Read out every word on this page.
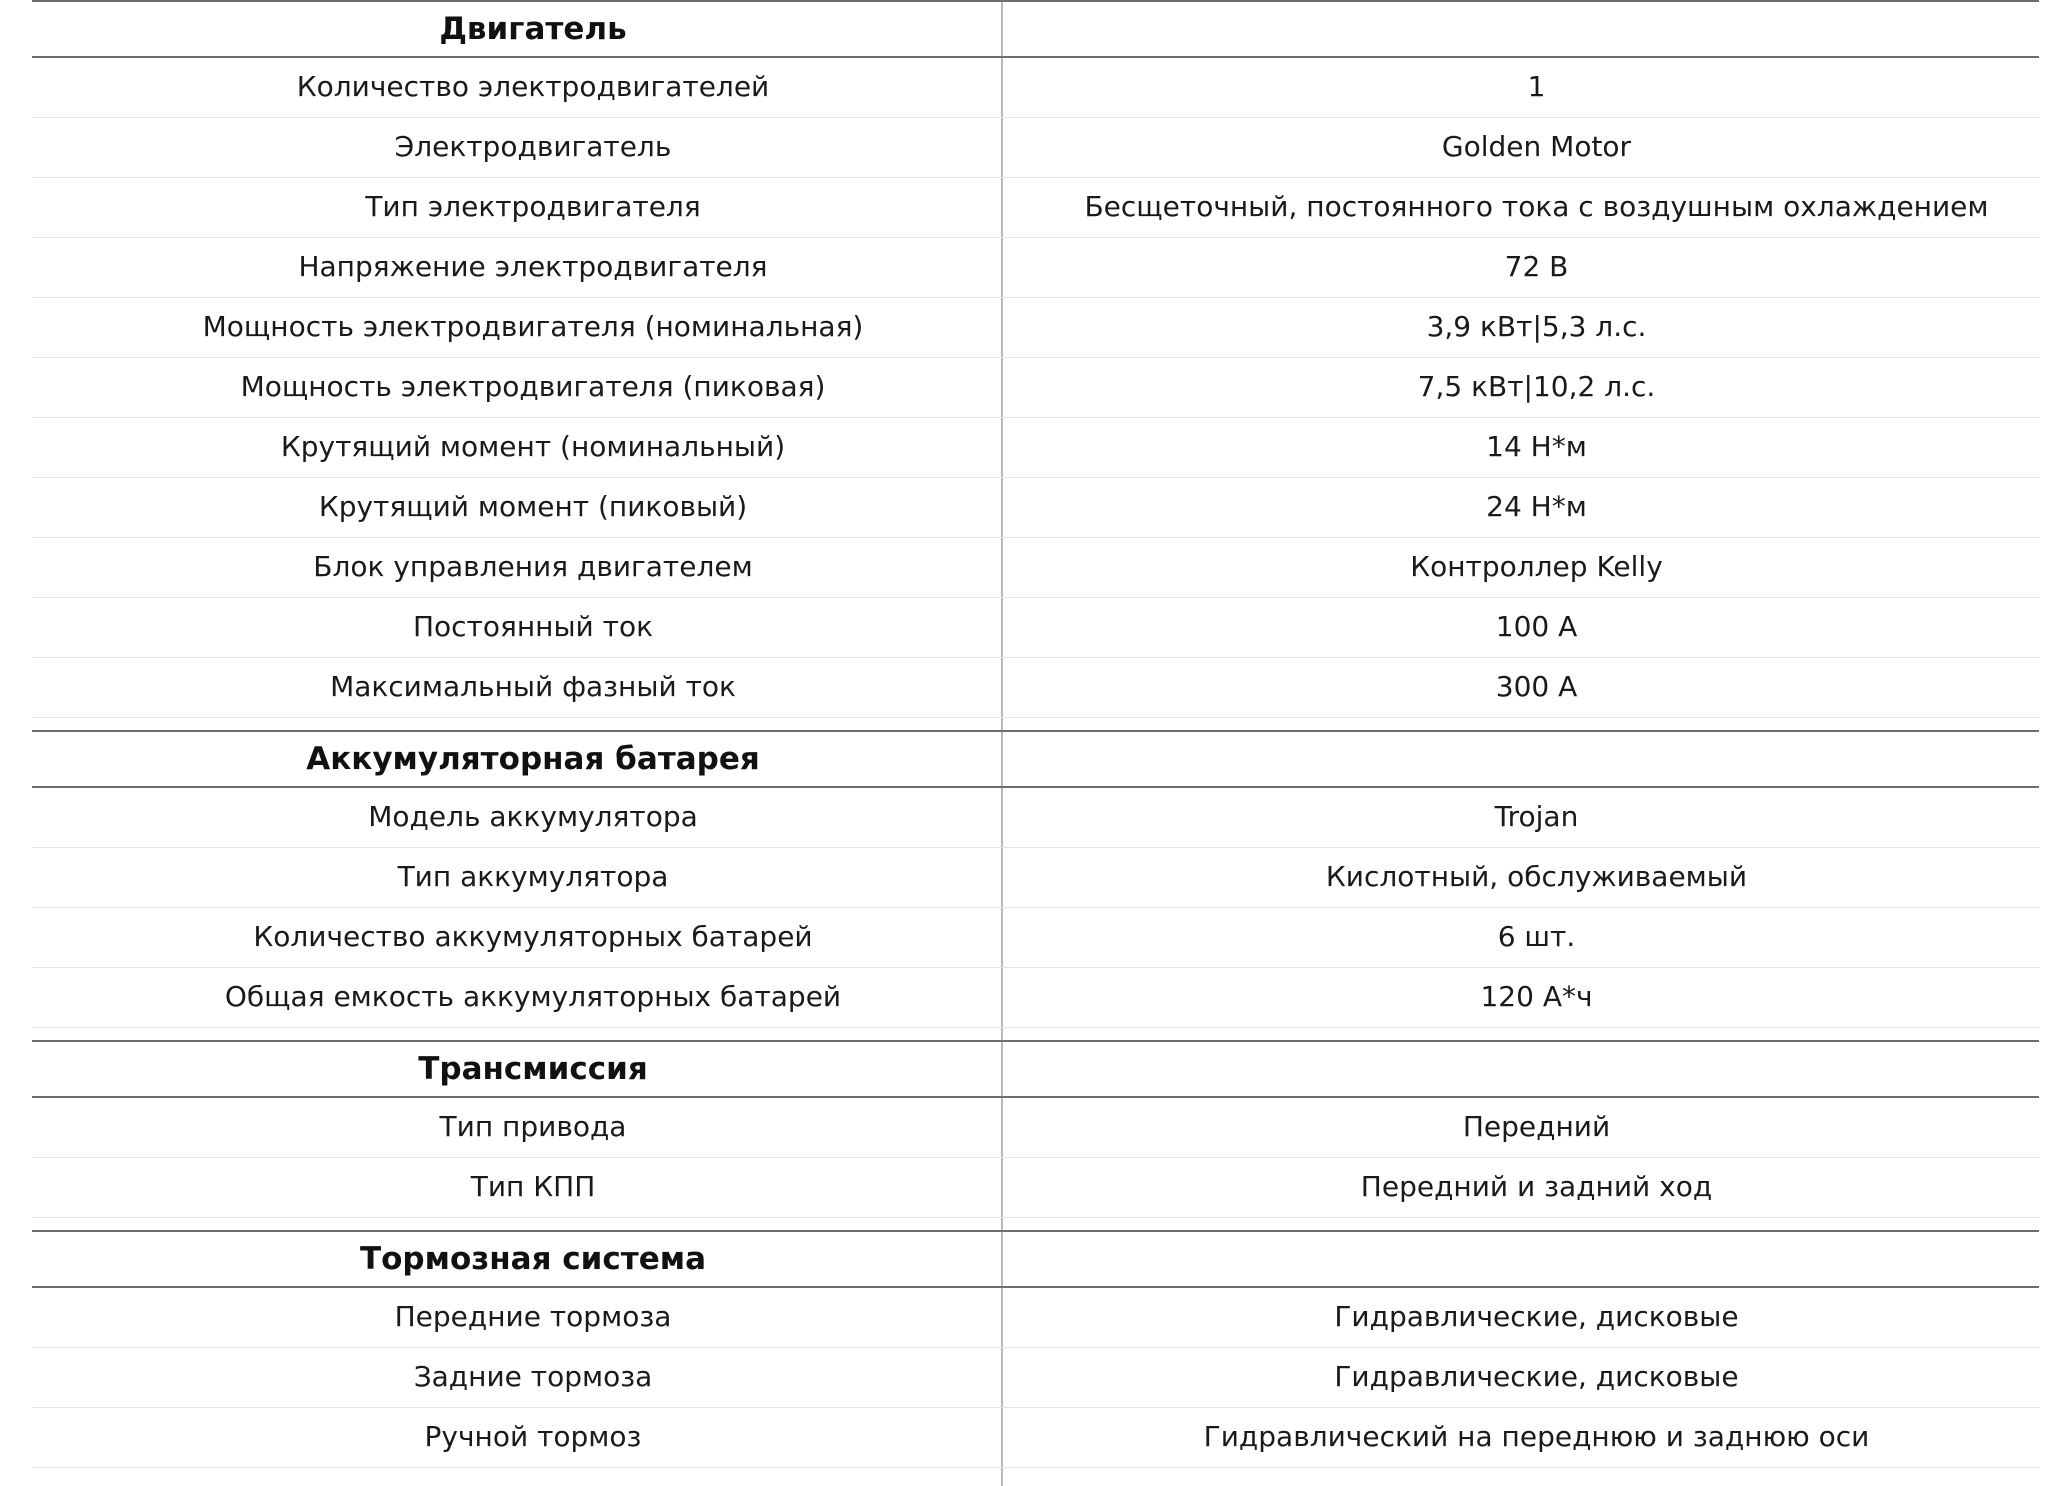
Двигатель
Количество электродвигателей	1
Электродвигатель	Golden Motor
Тип электродвигателя	Бесщеточный, постоянного тока с воздушным охлаждением
Напряжение электродвигателя	72 В
Мощность электродвигателя (номинальная)	3,9 кВт|5,3 л.с.
Мощность электродвигателя (пиковая)	7,5 кВт|10,2 л.с.
Крутящий момент (номинальный)	14 Н*м
Крутящий момент (пиковый)	24 Н*м
Блок управления двигателем	Контроллер Kelly
Постоянный ток	100 А
Максимальный фазный ток	300 А
Аккумуляторная батарея
Модель аккумулятора	Trojan
Тип аккумулятора	Кислотный, обслуживаемый
Количество аккумуляторных батарей	6 шт.
Общая емкость аккумуляторных батарей	120 А*ч
Трансмиссия
Тип привода	Передний
Тип КПП	Передний и задний ход
Тормозная система
Передние тормоза	Гидравлические, дисковые
Задние тормоза	Гидравлические, дисковые
Ручной тормоз	Гидравлический на переднюю и заднюю оси
